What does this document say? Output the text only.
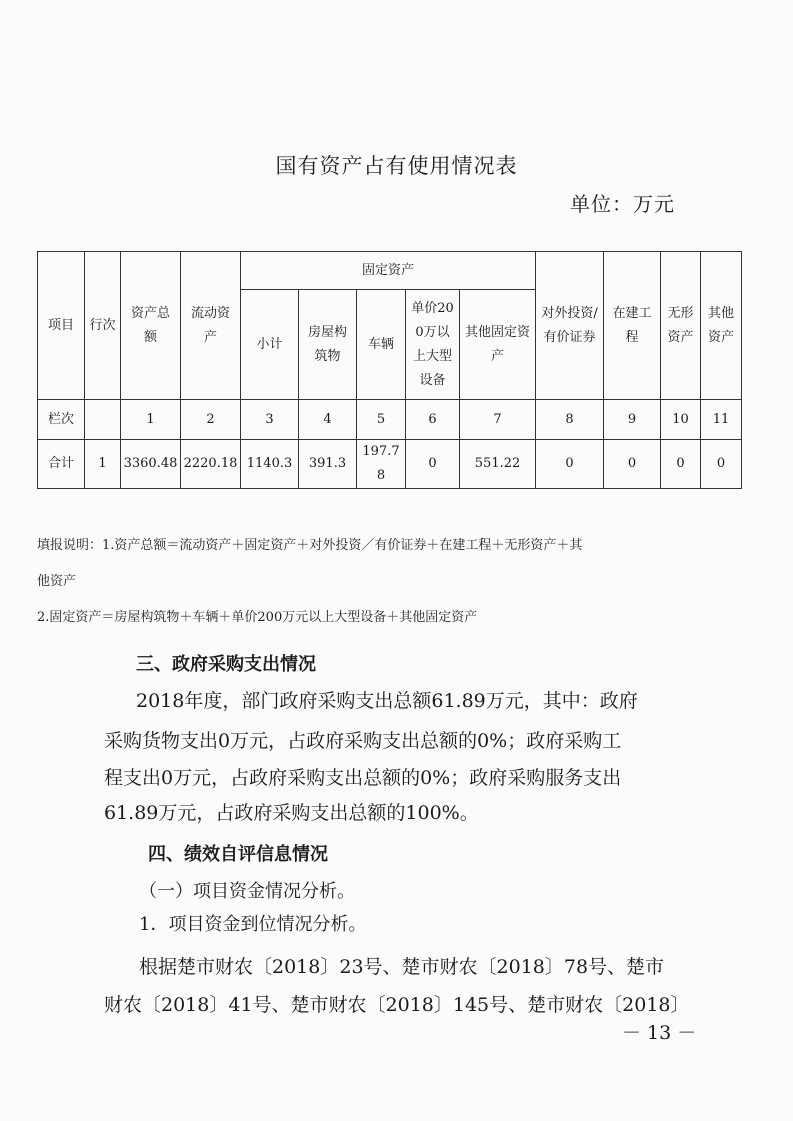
国有资产占有使用情况表
单位：万元
项目	行次	资产总额	流动资产	固定资产					对外投资/有价证券	在建工程	无形资产	其他资产
				小计	房屋构筑物	车辆	单价200万以上大型设备	其他固定资产				
栏次		1	2	3	4	5	6	7	8	9	10	11
合计	1	3360.48	2220.18	1140.3	391.3	197.78	0	551.22	0	0	0	0
填报说明：1.资产总额＝流动资产＋固定资产＋对外投资／有价证券＋在建工程＋无形资产＋其
他资产
2.固定资产＝房屋构筑物＋车辆＋单价200万元以上大型设备＋其他固定资产
三、政府采购支出情况
2018年度，部门政府采购支出总额61.89万元，其中：政府
采购货物支出0万元，占政府采购支出总额的0%；政府采购工
程支出0万元，占政府采购支出总额的0%；政府采购服务支出
61.89万元，占政府采购支出总额的100%。
四、绩效自评信息情况
（一）项目资金情况分析。
1．项目资金到位情况分析。
根据楚市财农〔2018〕23号、楚市财农〔2018〕78号、楚市
财农〔2018〕41号、楚市财农〔2018〕145号、楚市财农〔2018〕
－ 13 －
